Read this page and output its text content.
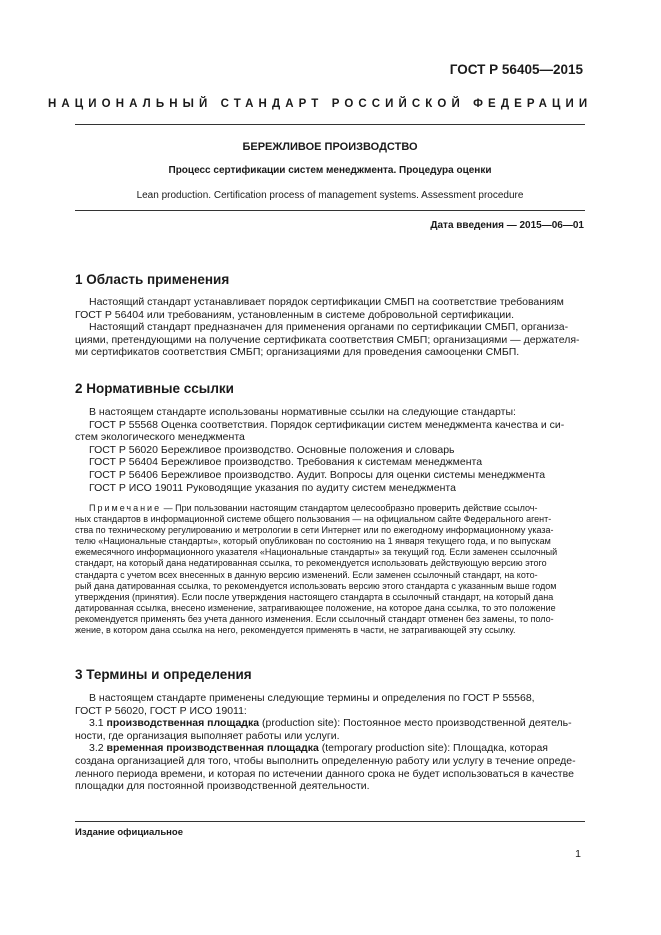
ГОСТ Р 56405—2015
НАЦИОНАЛЬНЫЙ СТАНДАРТ РОССИЙСКОЙ ФЕДЕРАЦИИ
БЕРЕЖЛИВОЕ ПРОИЗВОДСТВО
Процесс сертификации систем менеджмента. Процедура оценки
Lean production. Certification process of management systems. Assessment procedure
Дата введения — 2015—06—01
1 Область применения
Настоящий стандарт устанавливает порядок сертификации СМБП на соответствие требованиям
ГОСТ Р 56404 или требованиям, установленным в системе добровольной сертификации.
Настоящий стандарт предназначен для применения органами по сертификации СМБП, организа-
циями, претендующими на получение сертификата соответствия СМБП; организациями — держателя-
ми сертификатов соответствия СМБП; организациями для проведения самооценки СМБП.
2 Нормативные ссылки
В настоящем стандарте использованы нормативные ссылки на следующие стандарты:
ГОСТ Р 55568 Оценка соответствия. Порядок сертификации систем менеджмента качества и си-
стем экологического менеджмента
ГОСТ Р 56020 Бережливое производство. Основные положения и словарь
ГОСТ Р 56404 Бережливое производство. Требования к системам менеджмента
ГОСТ Р 56406 Бережливое производство. Аудит. Вопросы для оценки системы менеджмента
ГОСТ Р ИСО 19011 Руководящие указания по аудиту систем менеджмента
Примечание — При пользовании настоящим стандартом целесообразно проверить действие ссылоч-
ных стандартов в информационной системе общего пользования — на официальном сайте Федерального агент-
ства по техническому регулированию и метрологии в сети Интернет или по ежегодному информационному указа-
телю «Национальные стандарты», который опубликован по состоянию на 1 января текущего года, и по выпускам
ежемесячного информационного указателя «Национальные стандарты» за текущий год. Если заменен ссылочный
стандарт, на который дана недатированная ссылка, то рекомендуется использовать действующую версию этого
стандарта с учетом всех внесенных в данную версию изменений. Если заменен ссылочный стандарт, на кото-
рый дана датированная ссылка, то рекомендуется использовать версию этого стандарта с указанным выше годом
утверждения (принятия). Если после утверждения настоящего стандарта в ссылочный стандарт, на который дана
датированная ссылка, внесено изменение, затрагивающее положение, на которое дана ссылка, то это положение
рекомендуется применять без учета данного изменения. Если ссылочный стандарт отменен без замены, то поло-
жение, в котором дана ссылка на него, рекомендуется применять в части, не затрагивающей эту ссылку.
3 Термины и определения
В настоящем стандарте применены следующие термины и определения по ГОСТ Р 55568,
ГОСТ Р 56020, ГОСТ Р ИСО 19011:
3.1 производственная площадка (production site): Постоянное место производственной деятель-
ности, где организация выполняет работы или услуги.
3.2 временная производственная площадка (temporary production site): Площадка, которая
создана организацией для того, чтобы выполнить определенную работу или услугу в течение опреде-
ленного периода времени, и которая по истечении данного срока не будет использоваться в качестве
площадки для постоянной производственной деятельности.
Издание официальное
1
